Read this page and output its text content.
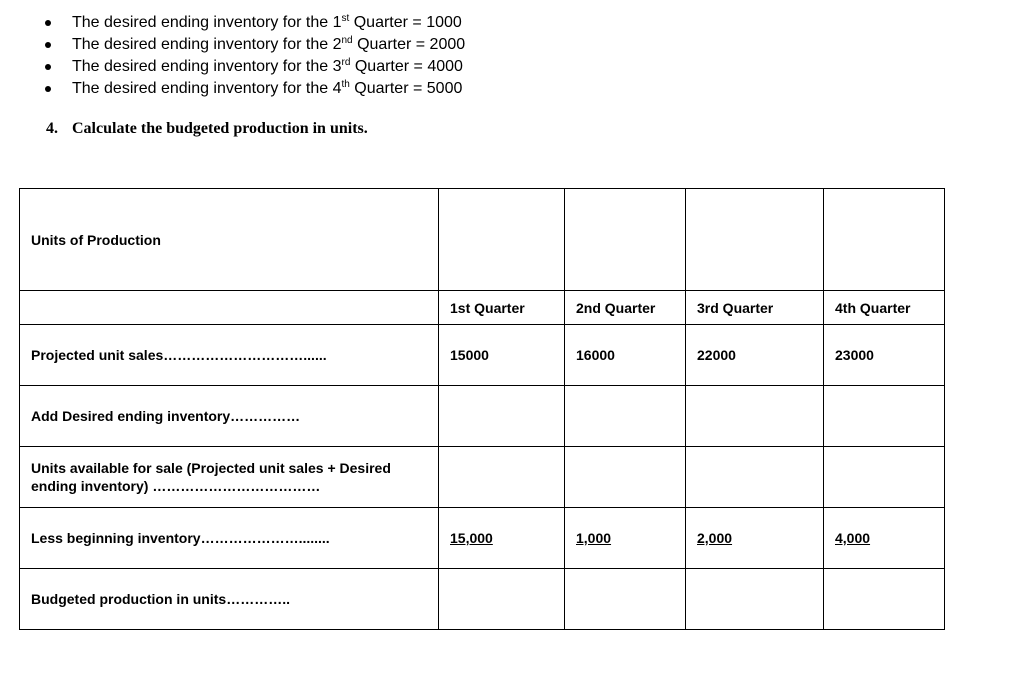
The desired ending inventory for the 1st Quarter = 1000
The desired ending inventory for the 2nd Quarter = 2000
The desired ending inventory for the 3rd Quarter = 4000
The desired ending inventory for the 4th Quarter = 5000
4. Calculate the budgeted production in units.
Units of Production				
	1st Quarter	2nd Quarter	3rd Quarter	4th Quarter
Projected unit sales…………………………......	15000	16000	22000	23000
Add Desired ending inventory……………				
Units available for sale (Projected unit sales + Desired ending inventory) ………………………………				
Less beginning inventory…………………........	15,000	1,000	2,000	4,000
Budgeted production in units…………..				
